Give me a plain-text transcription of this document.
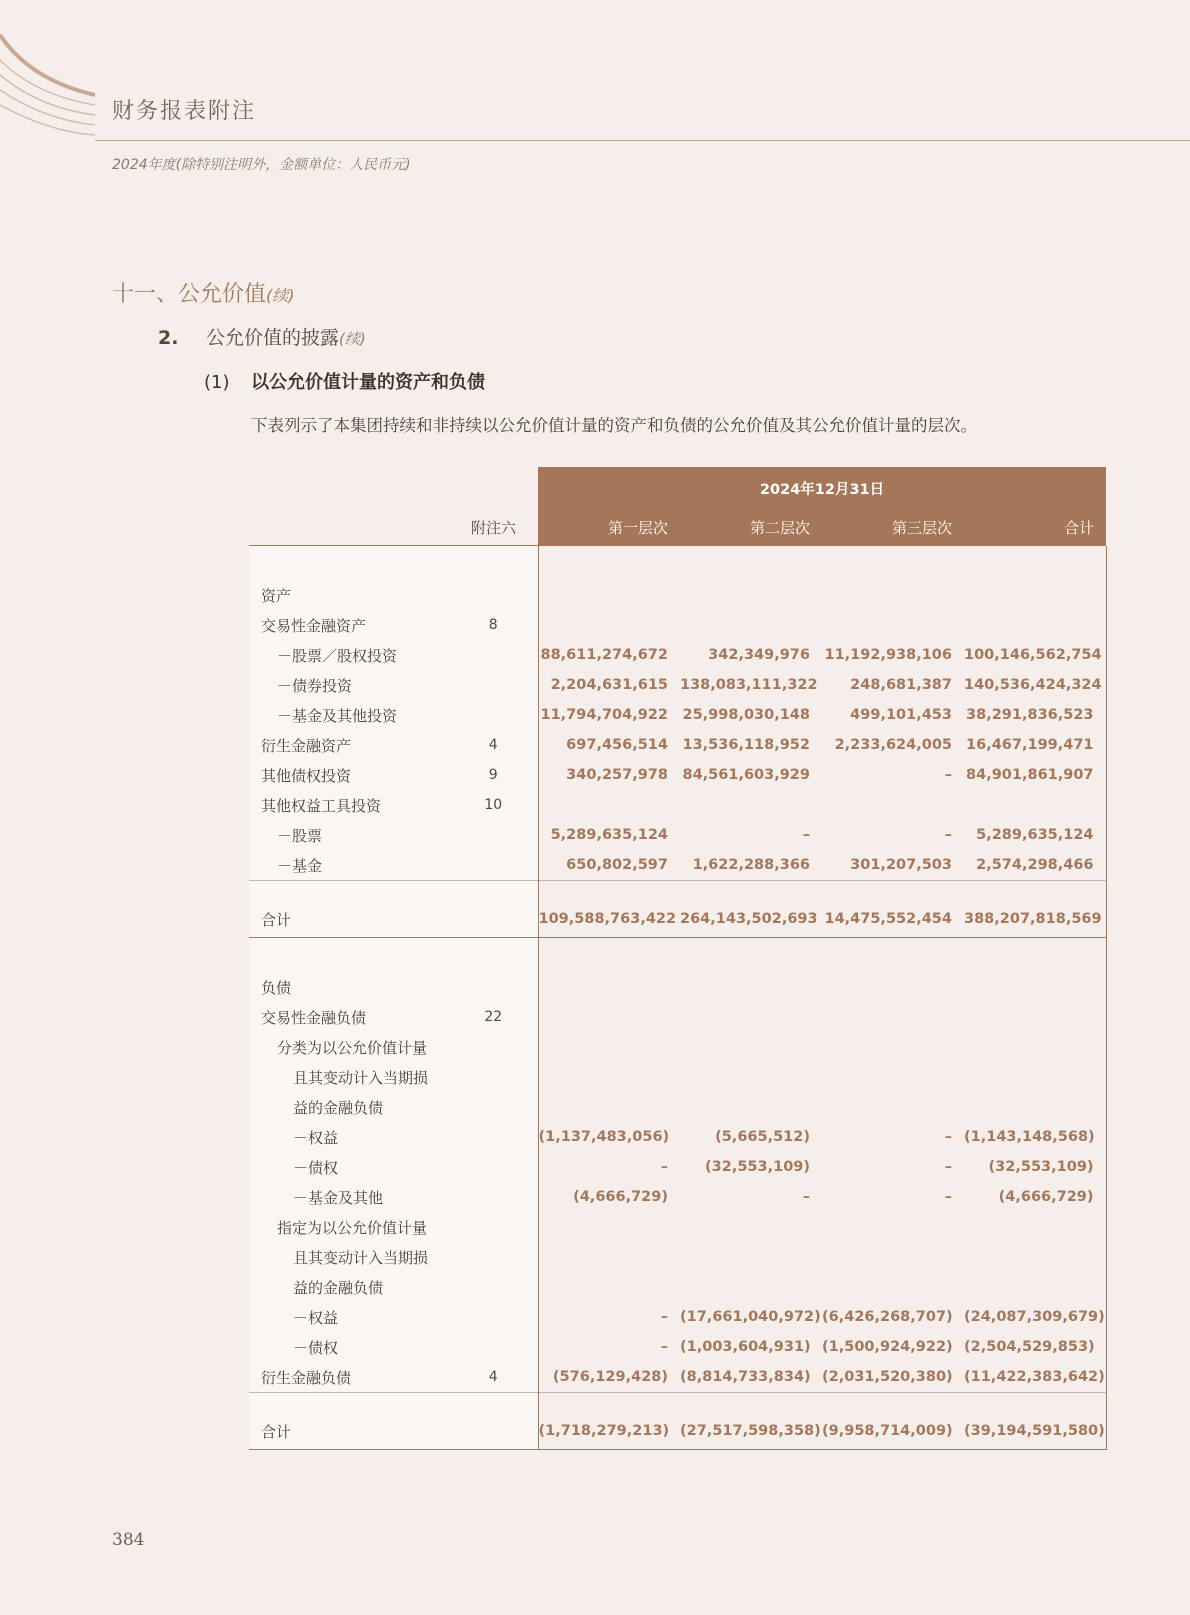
财务报表附注
2024年度(除特别注明外，金额单位：人民币元)
十一、公允价值(续)
2. 公允价值的披露(续)
(1) 以公允价值计量的资产和负债
下表列示了本集团持续和非持续以公允价值计量的资产和负债的公允价值及其公允价值计量的层次。
		2024年12月31日			
	附注六	第一层次	第二层次	第三层次	合计

资产					
交易性金融资产	8				
－股票／股权投资		88,611,274,672	342,349,976	11,192,938,106	100,146,562,754
－债券投资		2,204,631,615	138,083,111,322	248,681,387	140,536,424,324
－基金及其他投资		11,794,704,922	25,998,030,148	499,101,453	38,291,836,523
衍生金融资产	4	697,456,514	13,536,118,952	2,233,624,005	16,467,199,471
其他债权投资	9	340,257,978	84,561,603,929	–	84,901,861,907
其他权益工具投资	10				
－股票		5,289,635,124	–	–	5,289,635,124
－基金		650,802,597	1,622,288,366	301,207,503	2,574,298,466

合计		109,588,763,422	264,143,502,693	14,475,552,454	388,207,818,569

负债					
交易性金融负债	22				
分类为以公允价值计量					
且其变动计入当期损					
益的金融负债					
－权益		(1,137,483,056)	(5,665,512)	–	(1,143,148,568)
－债权		–	(32,553,109)	–	(32,553,109)
－基金及其他		(4,666,729)	–	–	(4,666,729)
指定为以公允价值计量					
且其变动计入当期损					
益的金融负债					
－权益		–	(17,661,040,972)	(6,426,268,707)	(24,087,309,679)
－债权		–	(1,003,604,931)	(1,500,924,922)	(2,504,529,853)
衍生金融负债	4	(576,129,428)	(8,814,733,834)	(2,031,520,380)	(11,422,383,642)

合计		(1,718,279,213)	(27,517,598,358)	(9,958,714,009)	(39,194,591,580)
384
